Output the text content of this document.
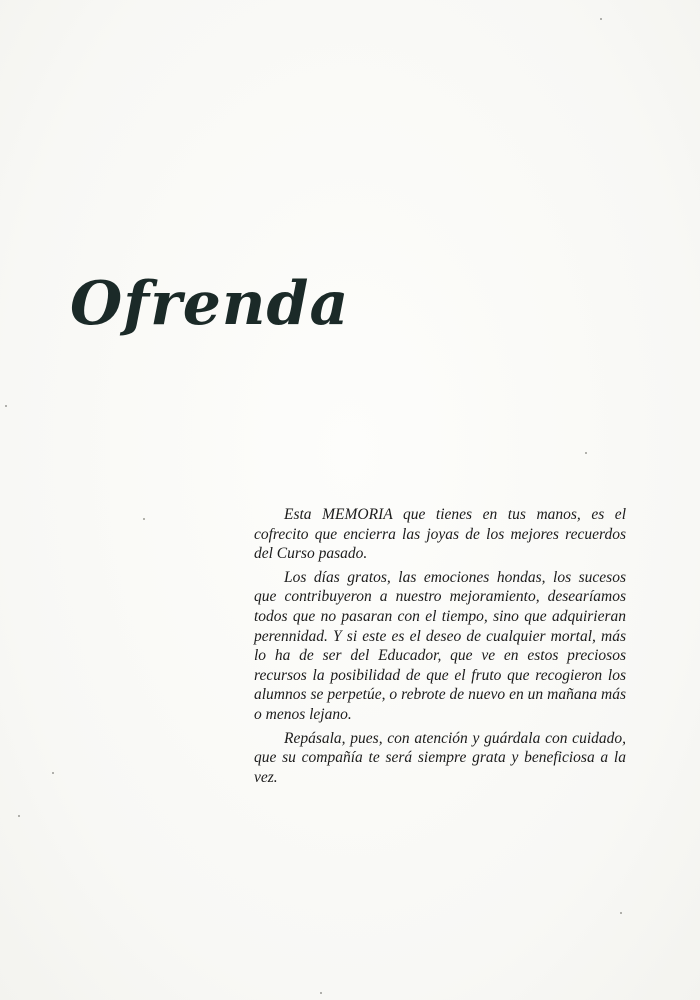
Ofrenda

Esta MEMORIA que tienes en tus manos, es el cofrecito que encierra las joyas de los mejores recuerdos del Curso pasado.

Los días gratos, las emociones hondas, los sucesos que contribuyeron a nuestro mejoramiento, desearíamos todos que no pasaran con el tiempo, sino que adquirieran perennidad. Y si este es el deseo de cualquier mortal, más lo ha de ser del Educador, que ve en estos preciosos recursos la posibilidad de que el fruto que recogieron los alumnos se perpetúe, o rebrote de nuevo en un mañana más o menos lejano.

Repásala, pues, con atención y guárdala con cuidado, que su compañía te será siempre grata y beneficiosa a la vez.
